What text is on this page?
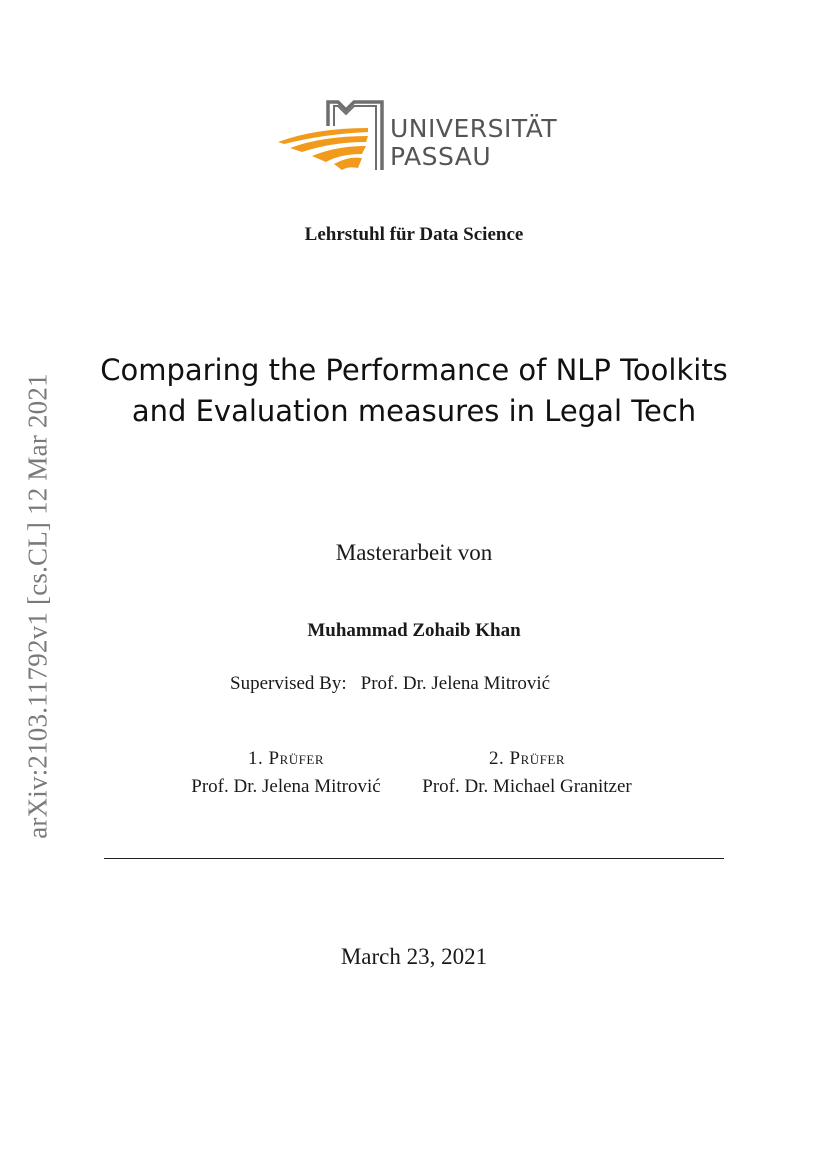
arXiv:2103.11792v1 [cs.CL] 12 Mar 2021
UNIVERSITÄT
PASSAU
Lehrstuhl für Data Science
Comparing the Performance of NLP Toolkits
and Evaluation measures in Legal Tech
Masterarbeit von
Muhammad Zohaib Khan
Supervised By: Prof. Dr. Jelena Mitrović
1. Prüfer
Prof. Dr. Jelena Mitrović
2. Prüfer
Prof. Dr. Michael Granitzer
March 23, 2021
